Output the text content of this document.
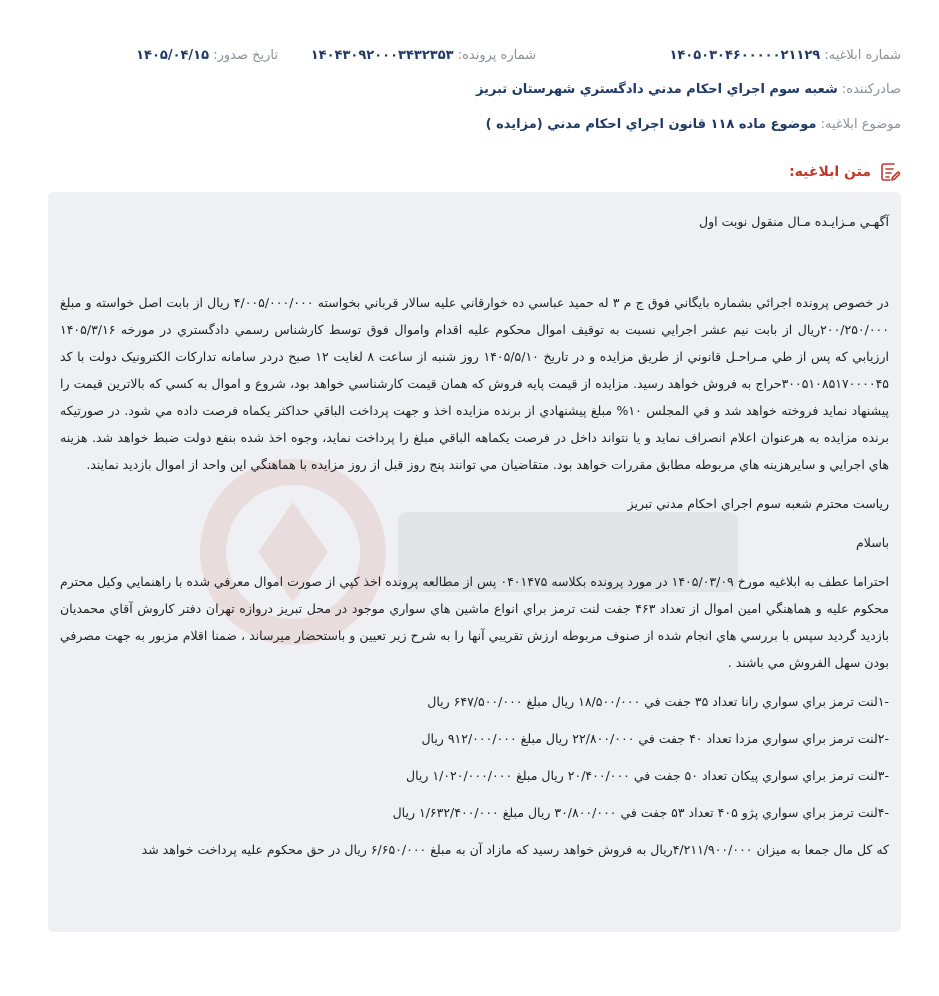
شماره ابلاغيه: ۱۴۰۵۰۳۰۴۶۰۰۰۰۰۲۱۱۲۹
شماره پرونده: ۱۴۰۴۳۰۹۲۰۰۰۳۴۳۲۳۵۳
تاريخ صدور: ۱۴۰۵/۰۴/۱۵
صادرکننده: شعبه سوم اجراي احکام مدني دادگستري شهرستان تبريز
موضوع ابلاغيه: موضوع ماده ۱۱۸ قانون اجراي احکام مدني (مزايده )
متن ابلاغيه:

آگهـي مـزايـده مـال منقول نوبت اول

در خصوص پرونده اجرائي بشماره بايگاني فوق ج م ۳ له حميد عباسي ده خوارقاني عليه سالار قرباني بخواسته ۴/۰۰۵/۰۰۰/۰۰۰ ريال از بابت اصل خواسته و مبلغ ۲۰۰/۲۵۰/۰۰۰ريال از بابت نيم عشر اجرايي نسبت به توقيف اموال محکوم عليه اقدام واموال فوق توسط کارشناس رسمي دادگستري در مورخه ۱۴۰۵/۳/۱۶ ارزيابي که پس از طي مـراحـل قانوني از طريق مزايده و در تاريخ ۱۴۰۵/۵/۱۰ روز شنبه از ساعت ۸ لغايت ۱۲ صبح دردر سامانه تدارکات الکترونيک دولت با کد ۳۰۰۵۱۰۸۵۱۷۰۰۰۰۴۵حراج به فروش خواهد رسيد. مزايده از قيمت پايه فروش که همان قيمت کارشناسي خواهد بود، شروع و اموال به کسي که بالاترين قيمت را پيشنهاد نمايد فروخته خواهد شد و في المجلس ۱۰% مبلغ پيشنهادي از برنده مزايده اخذ و جهت پرداخت الباقي حداکثر يکماه فرصت داده مي شود. در صورتيکه برنده مزايده به هرعنوان اعلام انصراف نمايد و يا نتواند داخل در فرصت يکماهه الباقي مبلغ را پرداخت نمايد، وجوه اخذ شده بنفع دولت ضبط خواهد شد. هزينه هاي اجرايي و سايرهزينه هاي مربوطه مطابق مقررات خواهد بود. متقاضيان مي توانند پنج روز قبل از روز مزايده با هماهنگي اين واحد از اموال بازديد نمايند.

رياست محترم شعبه سوم اجراي احکام مدني تبريز

باسلام

احتراما عطف به ابلاغيه مورخ ۱۴۰۵/۰۳/۰۹ در مورد پرونده بکلاسه ۰۴۰۱۴۷۵ پس از مطالعه پرونده اخذ کپي از صورت اموال معرفي شده با راهنمايي وکيل محترم محکوم عليه و هماهنگي امين اموال از تعداد ۴۶۳ جفت لنت ترمز براي انواع ماشين هاي سواري موجود در محل تبريز دروازه تهران دفتر کاروش آقاي محمديان بازديد گرديد سپس با بررسي هاي انجام شده از صنوف مربوطه ارزش تقريبي آنها را به شرح زير تعيين و باستحضار ميرساند ، ضمنا اقلام مزبور به جهت مصرفي بودن سهل الفروش مي باشند .

-۱لنت ترمز براي سواري رانا تعداد ۳۵ جفت في ۱۸/۵۰۰/۰۰۰ ريال مبلغ ۶۴۷/۵۰۰/۰۰۰ ريال

-۲لنت ترمز براي سواري مزدا تعداد ۴۰ جفت في ۲۲/۸۰۰/۰۰۰ ريال مبلغ ۹۱۲/۰۰۰/۰۰۰ ريال

-۳لنت ترمز براي سواري پيکان تعداد ۵۰ جفت في ۲۰/۴۰۰/۰۰۰ ريال مبلغ ۱/۰۲۰/۰۰۰/۰۰۰ ريال

-۴لنت ترمز براي سواري پژو ۴۰۵ تعداد ۵۳ جفت في ۳۰/۸۰۰/۰۰۰ ريال مبلغ ۱/۶۳۲/۴۰۰/۰۰۰ ريال

که کل مال جمعا به ميزان ۴/۲۱۱/۹۰۰/۰۰۰ريال به فروش خواهد رسيد که مازاد آن به مبلغ ۶/۶۵۰/۰۰۰ ريال در حق محکوم عليه پرداخت خواهد شد
